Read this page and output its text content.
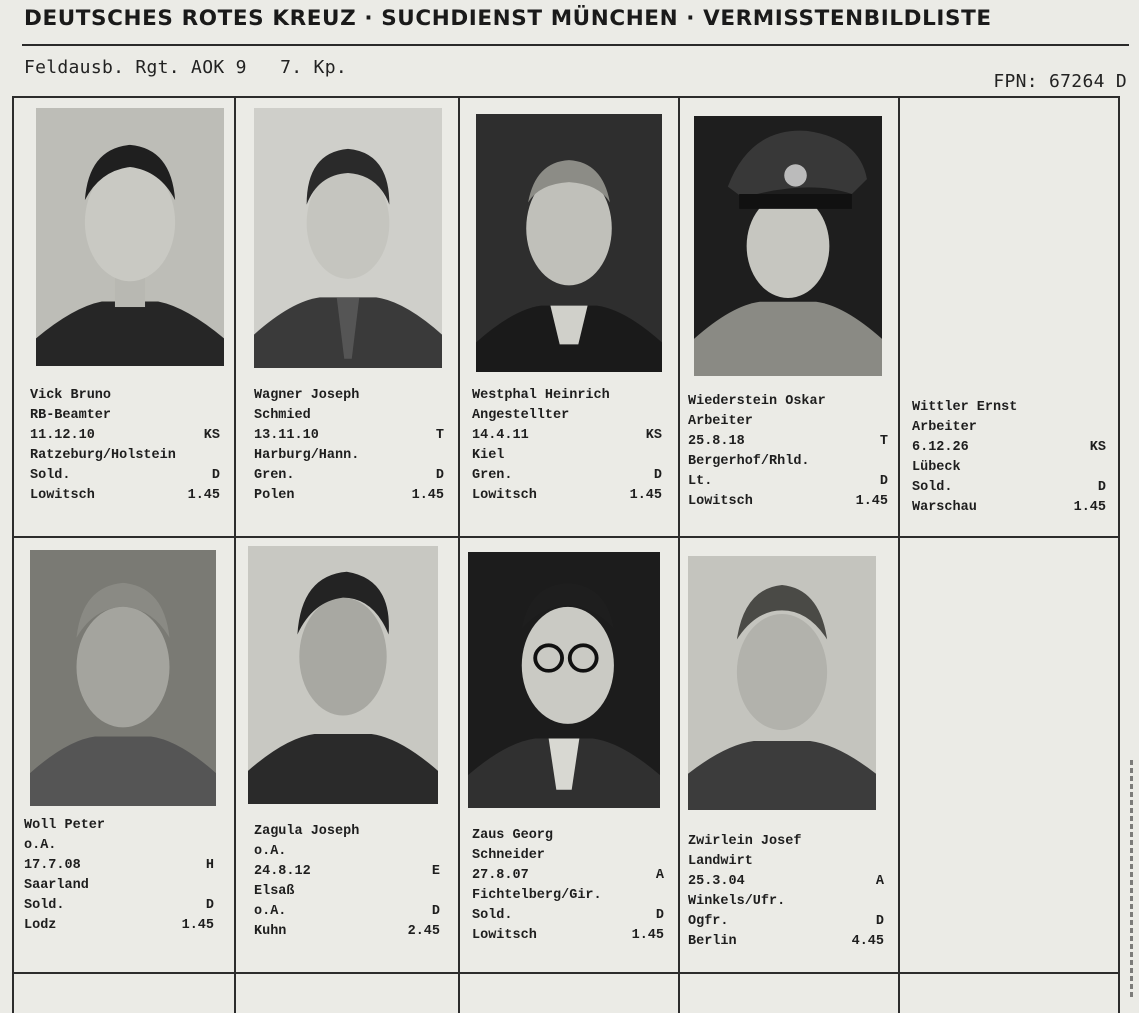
DEUTSCHES ROTES KREUZ · SUCHDIENST MÜNCHEN · VERMISSTENBILDLISTE
Feldausb. Rgt. AOK 9   7. Kp.
FPN: 67264 D
Vick Bruno
RB-Beamter
11.12.10	KS
Ratzeburg/Holstein
Sold.	D
Lowitsch	1.45
Wagner Joseph
Schmied
13.11.10	T
Harburg/Hann.
Gren.	D
Polen	1.45
Westphal Heinrich
Angestellter
14.4.11	KS
Kiel
Gren.	D
Lowitsch	1.45
Wiederstein Oskar
Arbeiter
25.8.18	T
Bergerhof/Rhld.
Lt.	D
Lowitsch	1.45
Wittler Ernst
Arbeiter
6.12.26	KS
Lübeck
Sold.	D
Warschau	1.45
Woll Peter
o.A.
17.7.08	H
Saarland
Sold.	D
Lodz	1.45
Zagula Joseph
o.A.
24.8.12	E
Elsaß
o.A.	D
Kuhn	2.45
Zaus Georg
Schneider
27.8.07	A
Fichtelberg/Gir.
Sold.	D
Lowitsch	1.45
Zwirlein Josef
Landwirt
25.3.04	A
Winkels/Ufr.
Ogfr.	D
Berlin	4.45
